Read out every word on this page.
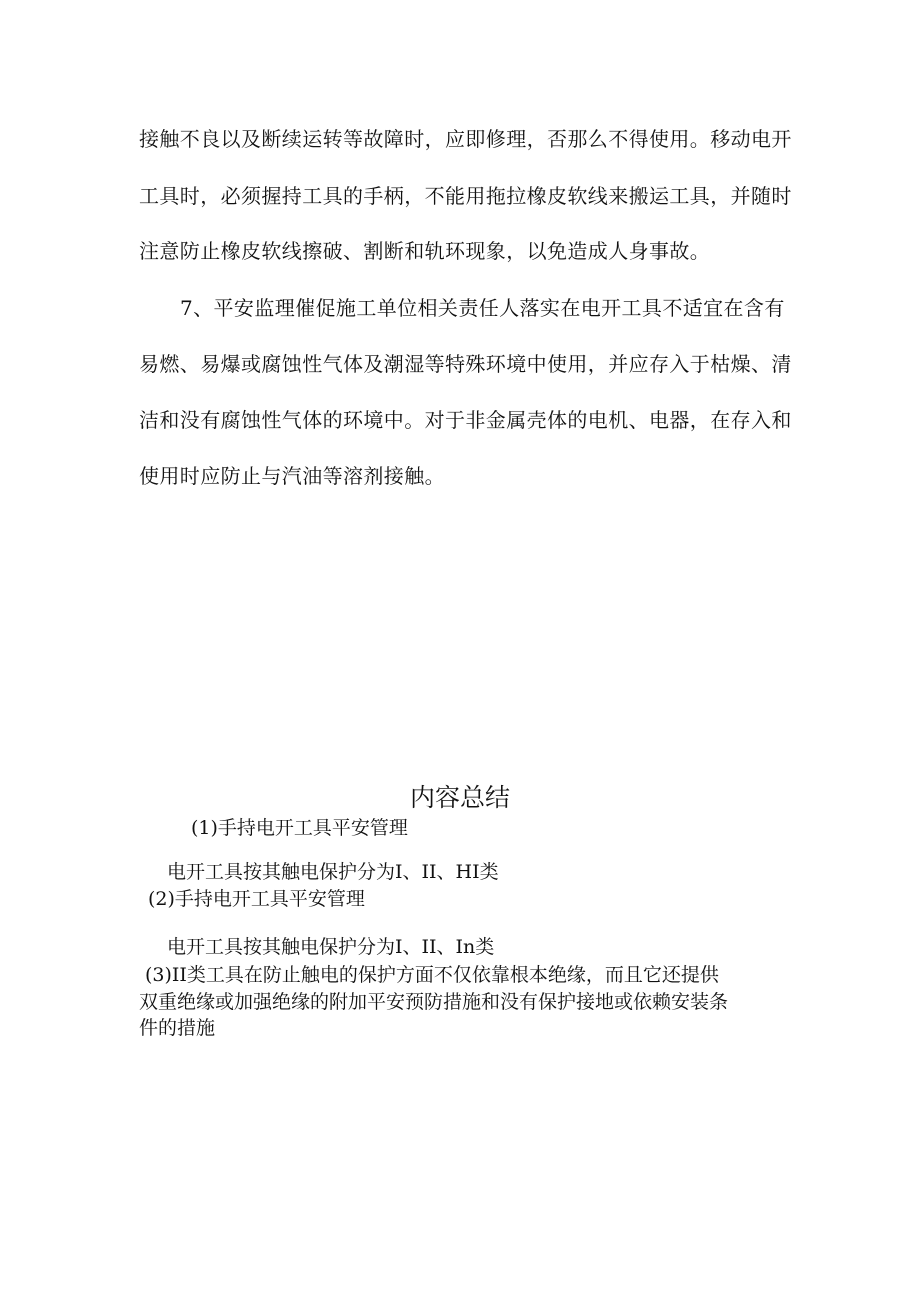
接触不良以及断续运转等故障时，应即修理，否那么不得使用。移动电开
工具时，必须握持工具的手柄，不能用拖拉橡皮软线来搬运工具，并随时
注意防止橡皮软线擦破、割断和轨环现象，以免造成人身事故。
7、平安监理催促施工单位相关责任人落实在电开工具不适宜在含有
易燃、易爆或腐蚀性气体及潮湿等特殊环境中使用，并应存入于枯燥、清
洁和没有腐蚀性气体的环境中。对于非金属壳体的电机、电器，在存入和
使用时应防止与汽油等溶剂接触。
内容总结
(1)手持电开工具平安管理
电开工具按其触电保护分为I、II、HI类
(2)手持电开工具平安管理
电开工具按其触电保护分为I、II、In类
(3)II类工具在防止触电的保护方面不仅依靠根本绝缘，而且它还提供
双重绝缘或加强绝缘的附加平安预防措施和没有保护接地或依赖安装条
件的措施
